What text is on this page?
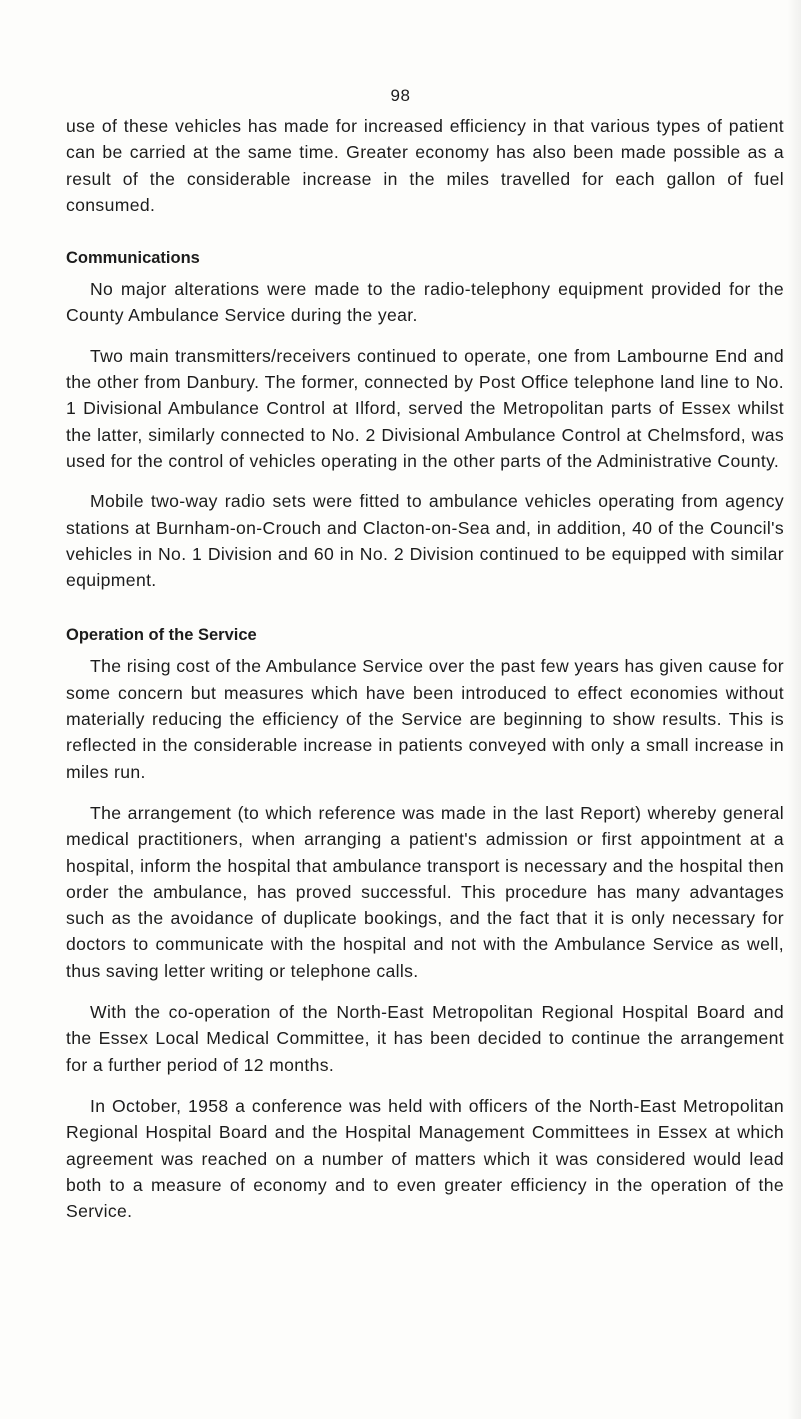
98

use of these vehicles has made for increased efficiency in that various types of patient can be carried at the same time. Greater economy has also been made possible as a result of the considerable increase in the miles travelled for each gallon of fuel consumed.

Communications

No major alterations were made to the radio-telephony equipment provided for the County Ambulance Service during the year.

Two main transmitters/receivers continued to operate, one from Lambourne End and the other from Danbury. The former, connected by Post Office telephone land line to No. 1 Divisional Ambulance Control at Ilford, served the Metropolitan parts of Essex whilst the latter, similarly connected to No. 2 Divisional Ambulance Control at Chelmsford, was used for the control of vehicles operating in the other parts of the Administrative County.

Mobile two-way radio sets were fitted to ambulance vehicles operating from agency stations at Burnham-on-Crouch and Clacton-on-Sea and, in addition, 40 of the Council's vehicles in No. 1 Division and 60 in No. 2 Division continued to be equipped with similar equipment.

Operation of the Service

The rising cost of the Ambulance Service over the past few years has given cause for some concern but measures which have been introduced to effect economies without materially reducing the efficiency of the Service are beginning to show results. This is reflected in the considerable increase in patients conveyed with only a small increase in miles run.

The arrangement (to which reference was made in the last Report) whereby general medical practitioners, when arranging a patient's admission or first appointment at a hospital, inform the hospital that ambulance transport is necessary and the hospital then order the ambulance, has proved successful. This procedure has many advantages such as the avoidance of duplicate bookings, and the fact that it is only necessary for doctors to communicate with the hospital and not with the Ambulance Service as well, thus saving letter writing or telephone calls.

With the co-operation of the North-East Metropolitan Regional Hospital Board and the Essex Local Medical Committee, it has been decided to continue the arrangement for a further period of 12 months.

In October, 1958 a conference was held with officers of the North-East Metropolitan Regional Hospital Board and the Hospital Management Committees in Essex at which agreement was reached on a number of matters which it was considered would lead both to a measure of economy and to even greater efficiency in the operation of the Service.
